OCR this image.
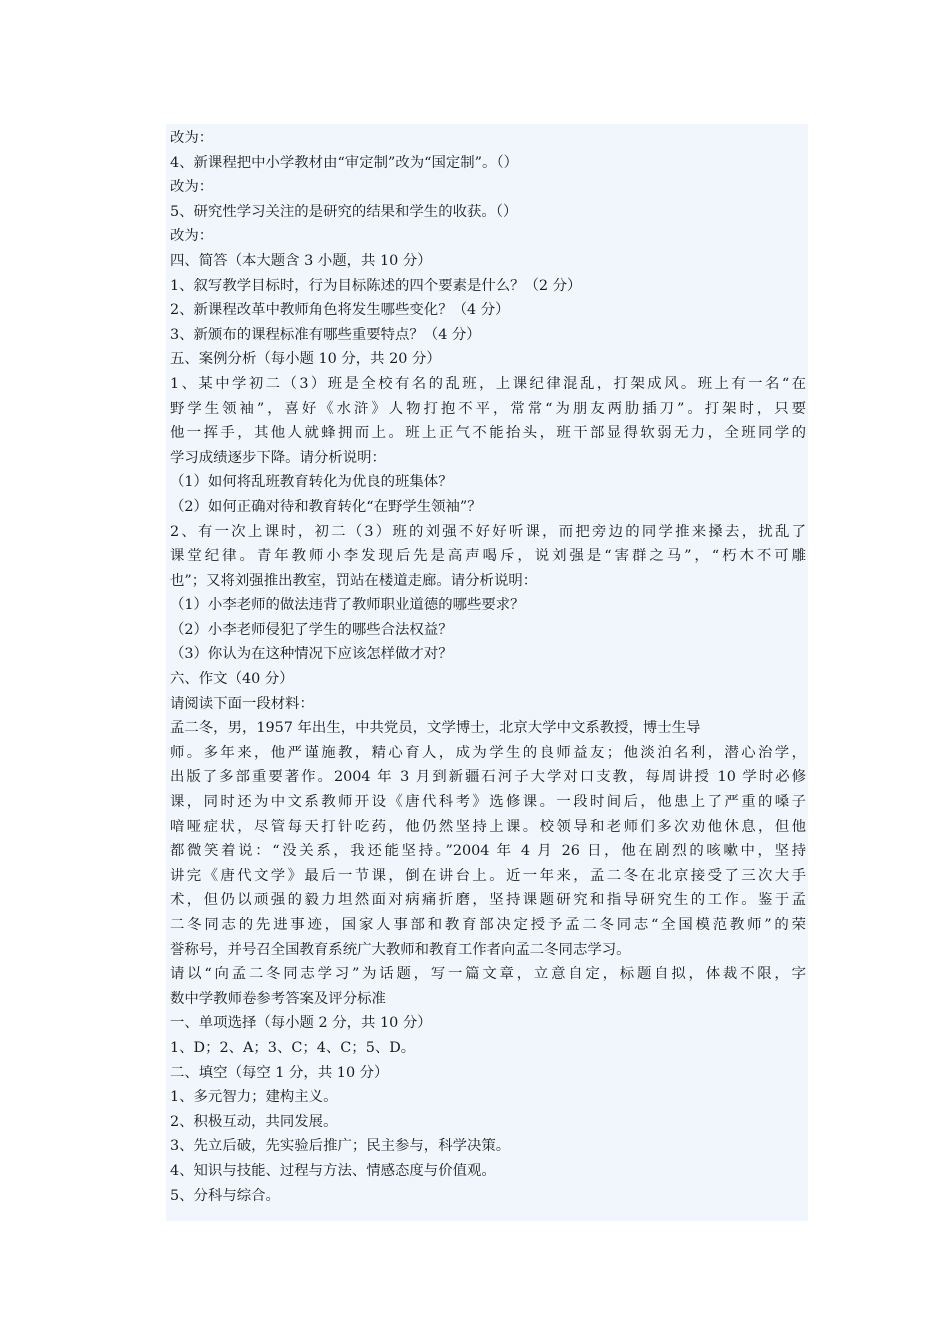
改为：
4、新课程把中小学教材由“审定制”改为“国定制”。（）
改为：
5、研究性学习关注的是研究的结果和学生的收获。（）
改为：
四、简答（本大题含 3 小题，共 10 分）
1、叙写教学目标时，行为目标陈述的四个要素是什么？（2 分）
2、新课程改革中教师角色将发生哪些变化？（4 分）
3、新颁布的课程标准有哪些重要特点？（4 分）
五、案例分析（每小题 10 分，共 20 分）
1、某中学初二（3）班是全校有名的乱班，上课纪律混乱，打架成风。班上有一名“在
野学生领袖”，喜好《水浒》人物打抱不平，常常“为朋友两肋插刀”。打架时，只要
他一挥手，其他人就蜂拥而上。班上正气不能抬头，班干部显得软弱无力，全班同学的
学习成绩逐步下降。请分析说明：
（1）如何将乱班教育转化为优良的班集体？
（2）如何正确对待和教育转化“在野学生领袖”？
2、有一次上课时，初二（3）班的刘强不好好听课，而把旁边的同学推来搡去，扰乱了
课堂纪律。青年教师小李发现后先是高声喝斥，说刘强是“害群之马”，“朽木不可雕
也”；又将刘强推出教室，罚站在楼道走廊。请分析说明：
（1）小李老师的做法违背了教师职业道德的哪些要求？
（2）小李老师侵犯了学生的哪些合法权益？
（3）你认为在这种情况下应该怎样做才对？
六、作文（40 分）
请阅读下面一段材料：
孟二冬，男，1957 年出生，中共党员，文学博士，北京大学中文系教授，博士生导
师。多年来，他严谨施教，精心育人，成为学生的良师益友；他淡泊名利，潜心治学，
出版了多部重要著作。2004 年 3 月到新疆石河子大学对口支教，每周讲授 10 学时必修
课，同时还为中文系教师开设《唐代科考》选修课。一段时间后，他患上了严重的嗓子
喑哑症状，尽管每天打针吃药，他仍然坚持上课。校领导和老师们多次劝他休息，但他
都微笑着说：“没关系，我还能坚持。”2004 年 4 月 26 日，他在剧烈的咳嗽中，坚持
讲完《唐代文学》最后一节课，倒在讲台上。近一年来，孟二冬在北京接受了三次大手
术，但仍以顽强的毅力坦然面对病痛折磨，坚持课题研究和指导研究生的工作。鉴于孟
二冬同志的先进事迹，国家人事部和教育部决定授予孟二冬同志“全国模范教师”的荣
誉称号，并号召全国教育系统广大教师和教育工作者向孟二冬同志学习。
请以“向孟二冬同志学习”为话题，写一篇文章，立意自定，标题自拟，体裁不限，字
数中学教师卷参考答案及评分标准
一、单项选择（每小题 2 分，共 10 分）
1、D；2、A；3、C；4、C；5、D。
二、填空（每空 1 分，共 10 分）
1、多元智力；建构主义。
2、积极互动，共同发展。
3、先立后破，先实验后推广；民主参与，科学决策。
4、知识与技能、过程与方法、情感态度与价值观。
5、分科与综合。
